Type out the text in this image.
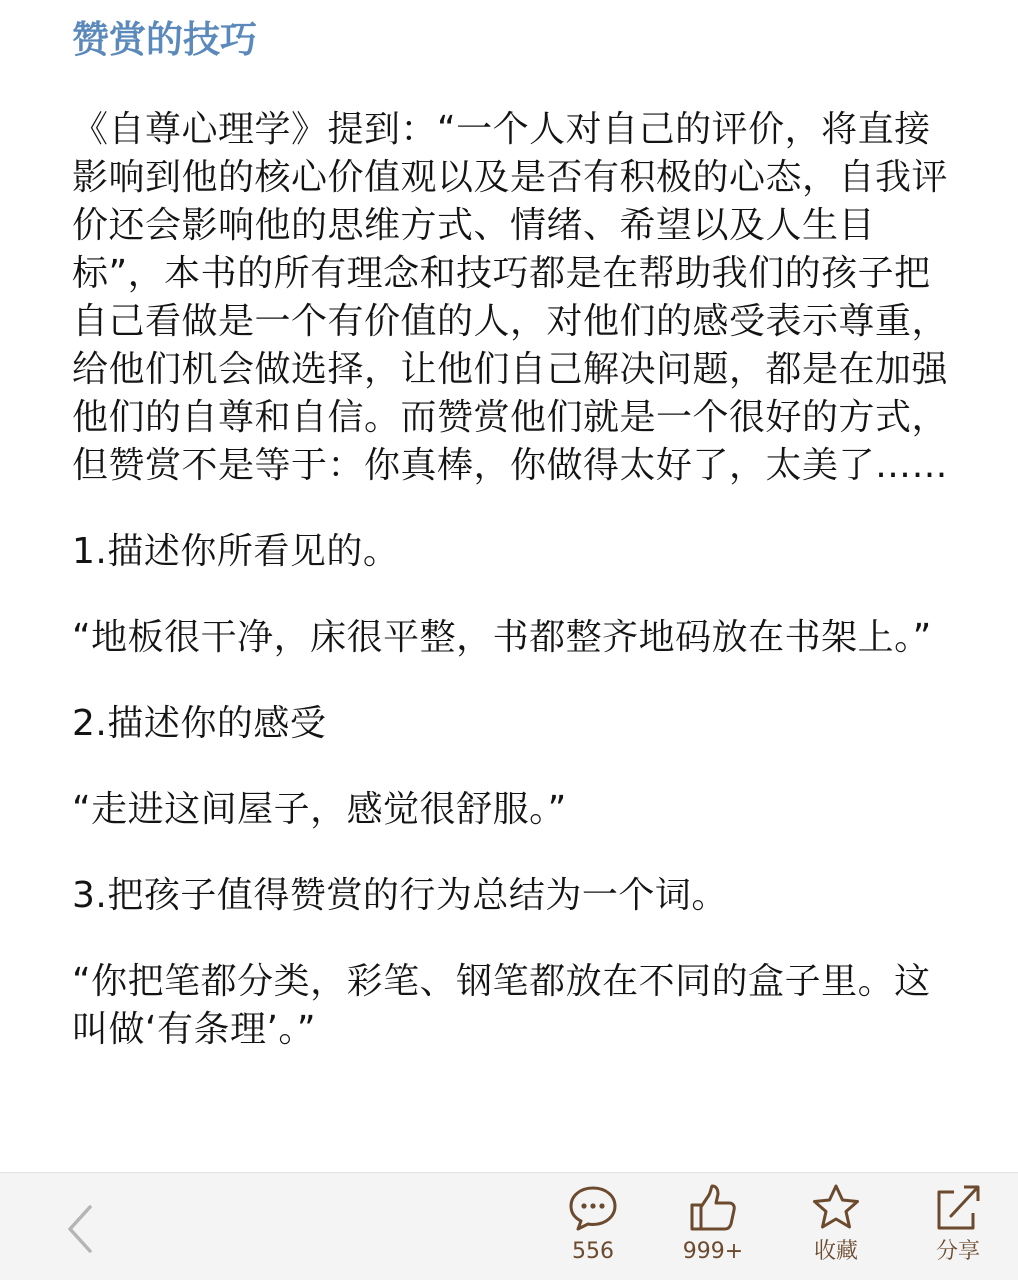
赞赏的技巧

《自尊心理学》提到：“一个人对自己的评价，将直接影响到他的核心价值观以及是否有积极的心态，自我评价还会影响他的思维方式、情绪、希望以及人生目标”，本书的所有理念和技巧都是在帮助我们的孩子把自己看做是一个有价值的人，对他们的感受表示尊重，给他们机会做选择，让他们自己解决问题，都是在加强他们的自尊和自信。而赞赏他们就是一个很好的方式，但赞赏不是等于：你真棒，你做得太好了，太美了……

1.描述你所看见的。

“地板很干净，床很平整，书都整齐地码放在书架上。”

2.描述你的感受

“走进这间屋子，感觉很舒服。”

3.把孩子值得赞赏的行为总结为一个词。

“你把笔都分类，彩笔、钢笔都放在不同的盒子里。这叫做‘有条理’。”

556	999+	收藏	分享
